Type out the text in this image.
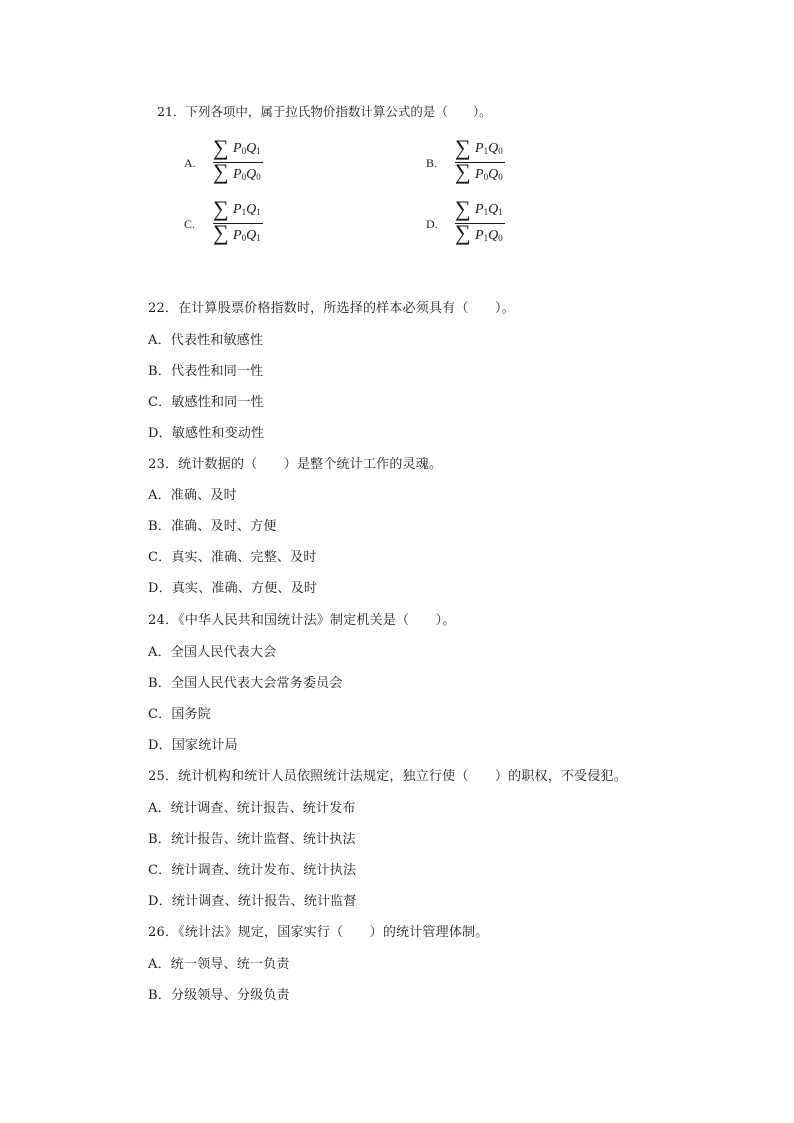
21．下列各项中，属于拉氏物价指数计算公式的是（　　）。
A.	B.
C.	D.
∑ $P_0Q_1$
∑ $P_0Q_0$
∑ $P_1Q_0$
∑ $P_0Q_0$
∑ $P_1Q_1$
∑ $P_0Q_1$
∑ $P_1Q_1$
∑ $P_1Q_0$
22．在计算股票价格指数时，所选择的样本必须具有（　　）。
A．代表性和敏感性
B．代表性和同一性
C．敏感性和同一性
D．敏感性和变动性
23．统计数据的（　　）是整个统计工作的灵魂。
A．准确、及时
B．准确、及时、方便
C．真实、准确、完整、及时
D．真实、准确、方便、及时
24．《中华人民共和国统计法》制定机关是（　　）。
A．全国人民代表大会
B．全国人民代表大会常务委员会
C．国务院
D．国家统计局
25．统计机构和统计人员依照统计法规定，独立行使（　　）的职权，不受侵犯。
A．统计调查、统计报告、统计发布
B．统计报告、统计监督、统计执法
C．统计调查、统计发布、统计执法
D．统计调查、统计报告、统计监督
26．《统计法》规定，国家实行（　　）的统计管理体制。
A．统一领导、统一负责
B．分级领导、分级负责
